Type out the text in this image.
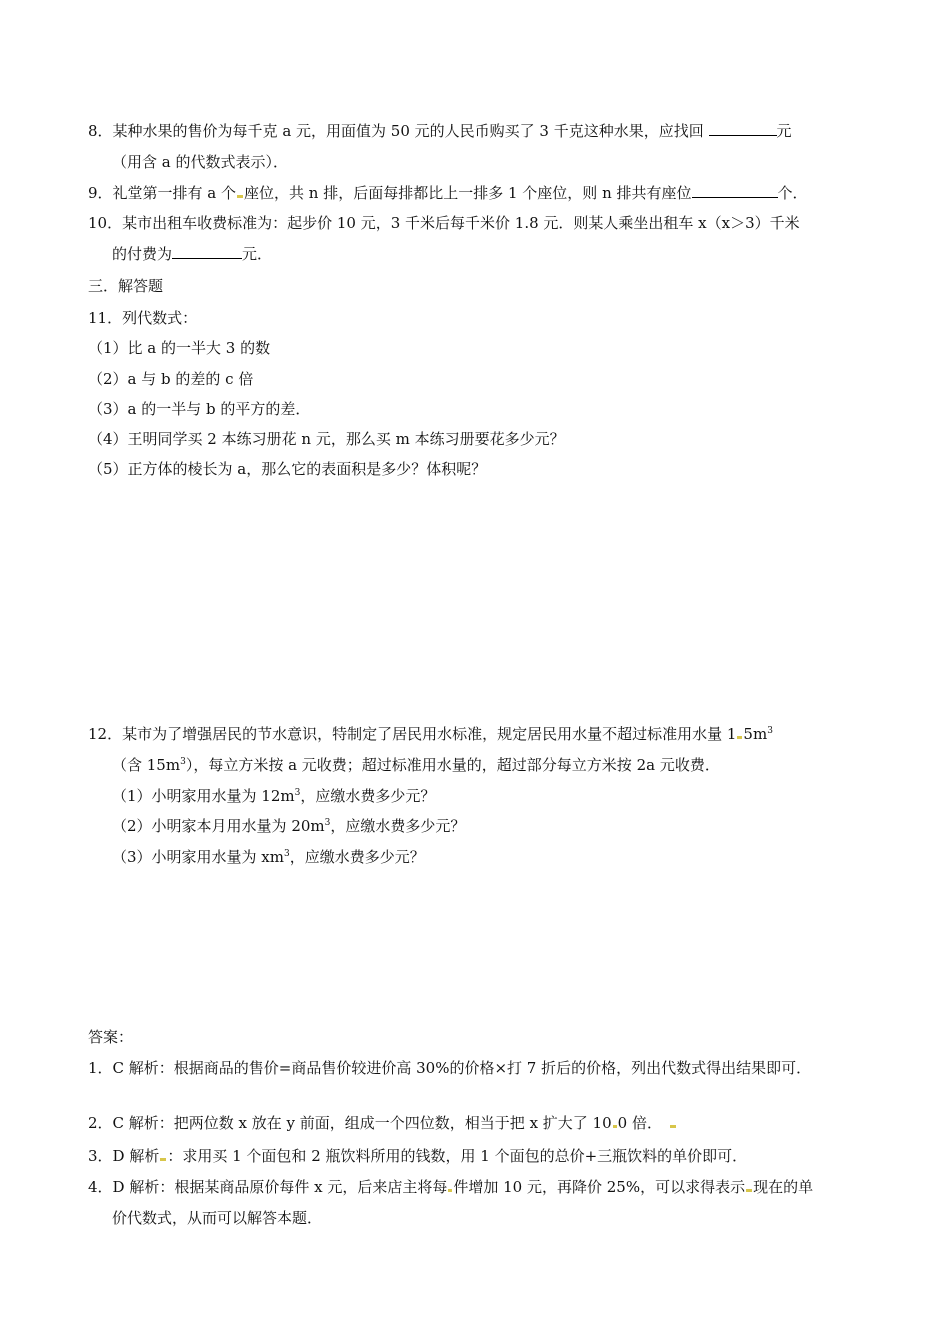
8．某种水果的售价为每千克 a 元，用面值为 50 元的人民币购买了 3 千克这种水果，应找回	元
（用含 a 的代数式表示）．
9．礼堂第一排有 a 个 座位，共 n 排，后面每排都比上一排多 1 个座位，则 n 排共有座位	个．
10．某市出租车收费标准为：起步价 10 元，3 千米后每千米价 1.8 元．则某人乘坐出租车 x（x＞3）千米
的付费为	元．
三．解答题
11．列代数式：
（1）比 a 的一半大 3 的数
（2）a 与 b 的差的 c 倍
（3）a 的一半与 b 的平方的差．
（4）王明同学买 2 本练习册花 n 元，那么买 m 本练习册要花多少元？
（5）正方体的棱长为 a，那么它的表面积是多少？体积呢？
12．某市为了增强居民的节水意识，特制定了居民用水标准，规定居民用水量不超过标准用水量 1 $5m^3$
（含 $15m^3$），每立方米按 a 元收费；超过标准用水量的，超过部分每立方米按 2a 元收费．
（1）小明家用水量为 $12m^3$，应缴水费多少元？
（2）小明家本月用水量为 $20m^3$，应缴水费多少元？
（3）小明家用水量为 $xm^3$，应缴水费多少元？
答案：
1．C 解析：根据商品的售价=商品售价较进价高 30%的价格×打 7 折后的价格，列出代数式得出结果即可．
2．C 解析：把两位数 x 放在 y 前面，组成一个四位数，相当于把 x 扩大了 10 0 倍．
3．D 解析 ：求用买 1 个面包和 2 瓶饮料所用的钱数，用 1 个面包的总价+三瓶饮料的单价即可．
4．D 解析：根据某商品原价每件 x 元，后来店主将每 件增加 10 元，再降价 25%，可以求得表示 现在的单
价代数式，从而可以解答本题．
